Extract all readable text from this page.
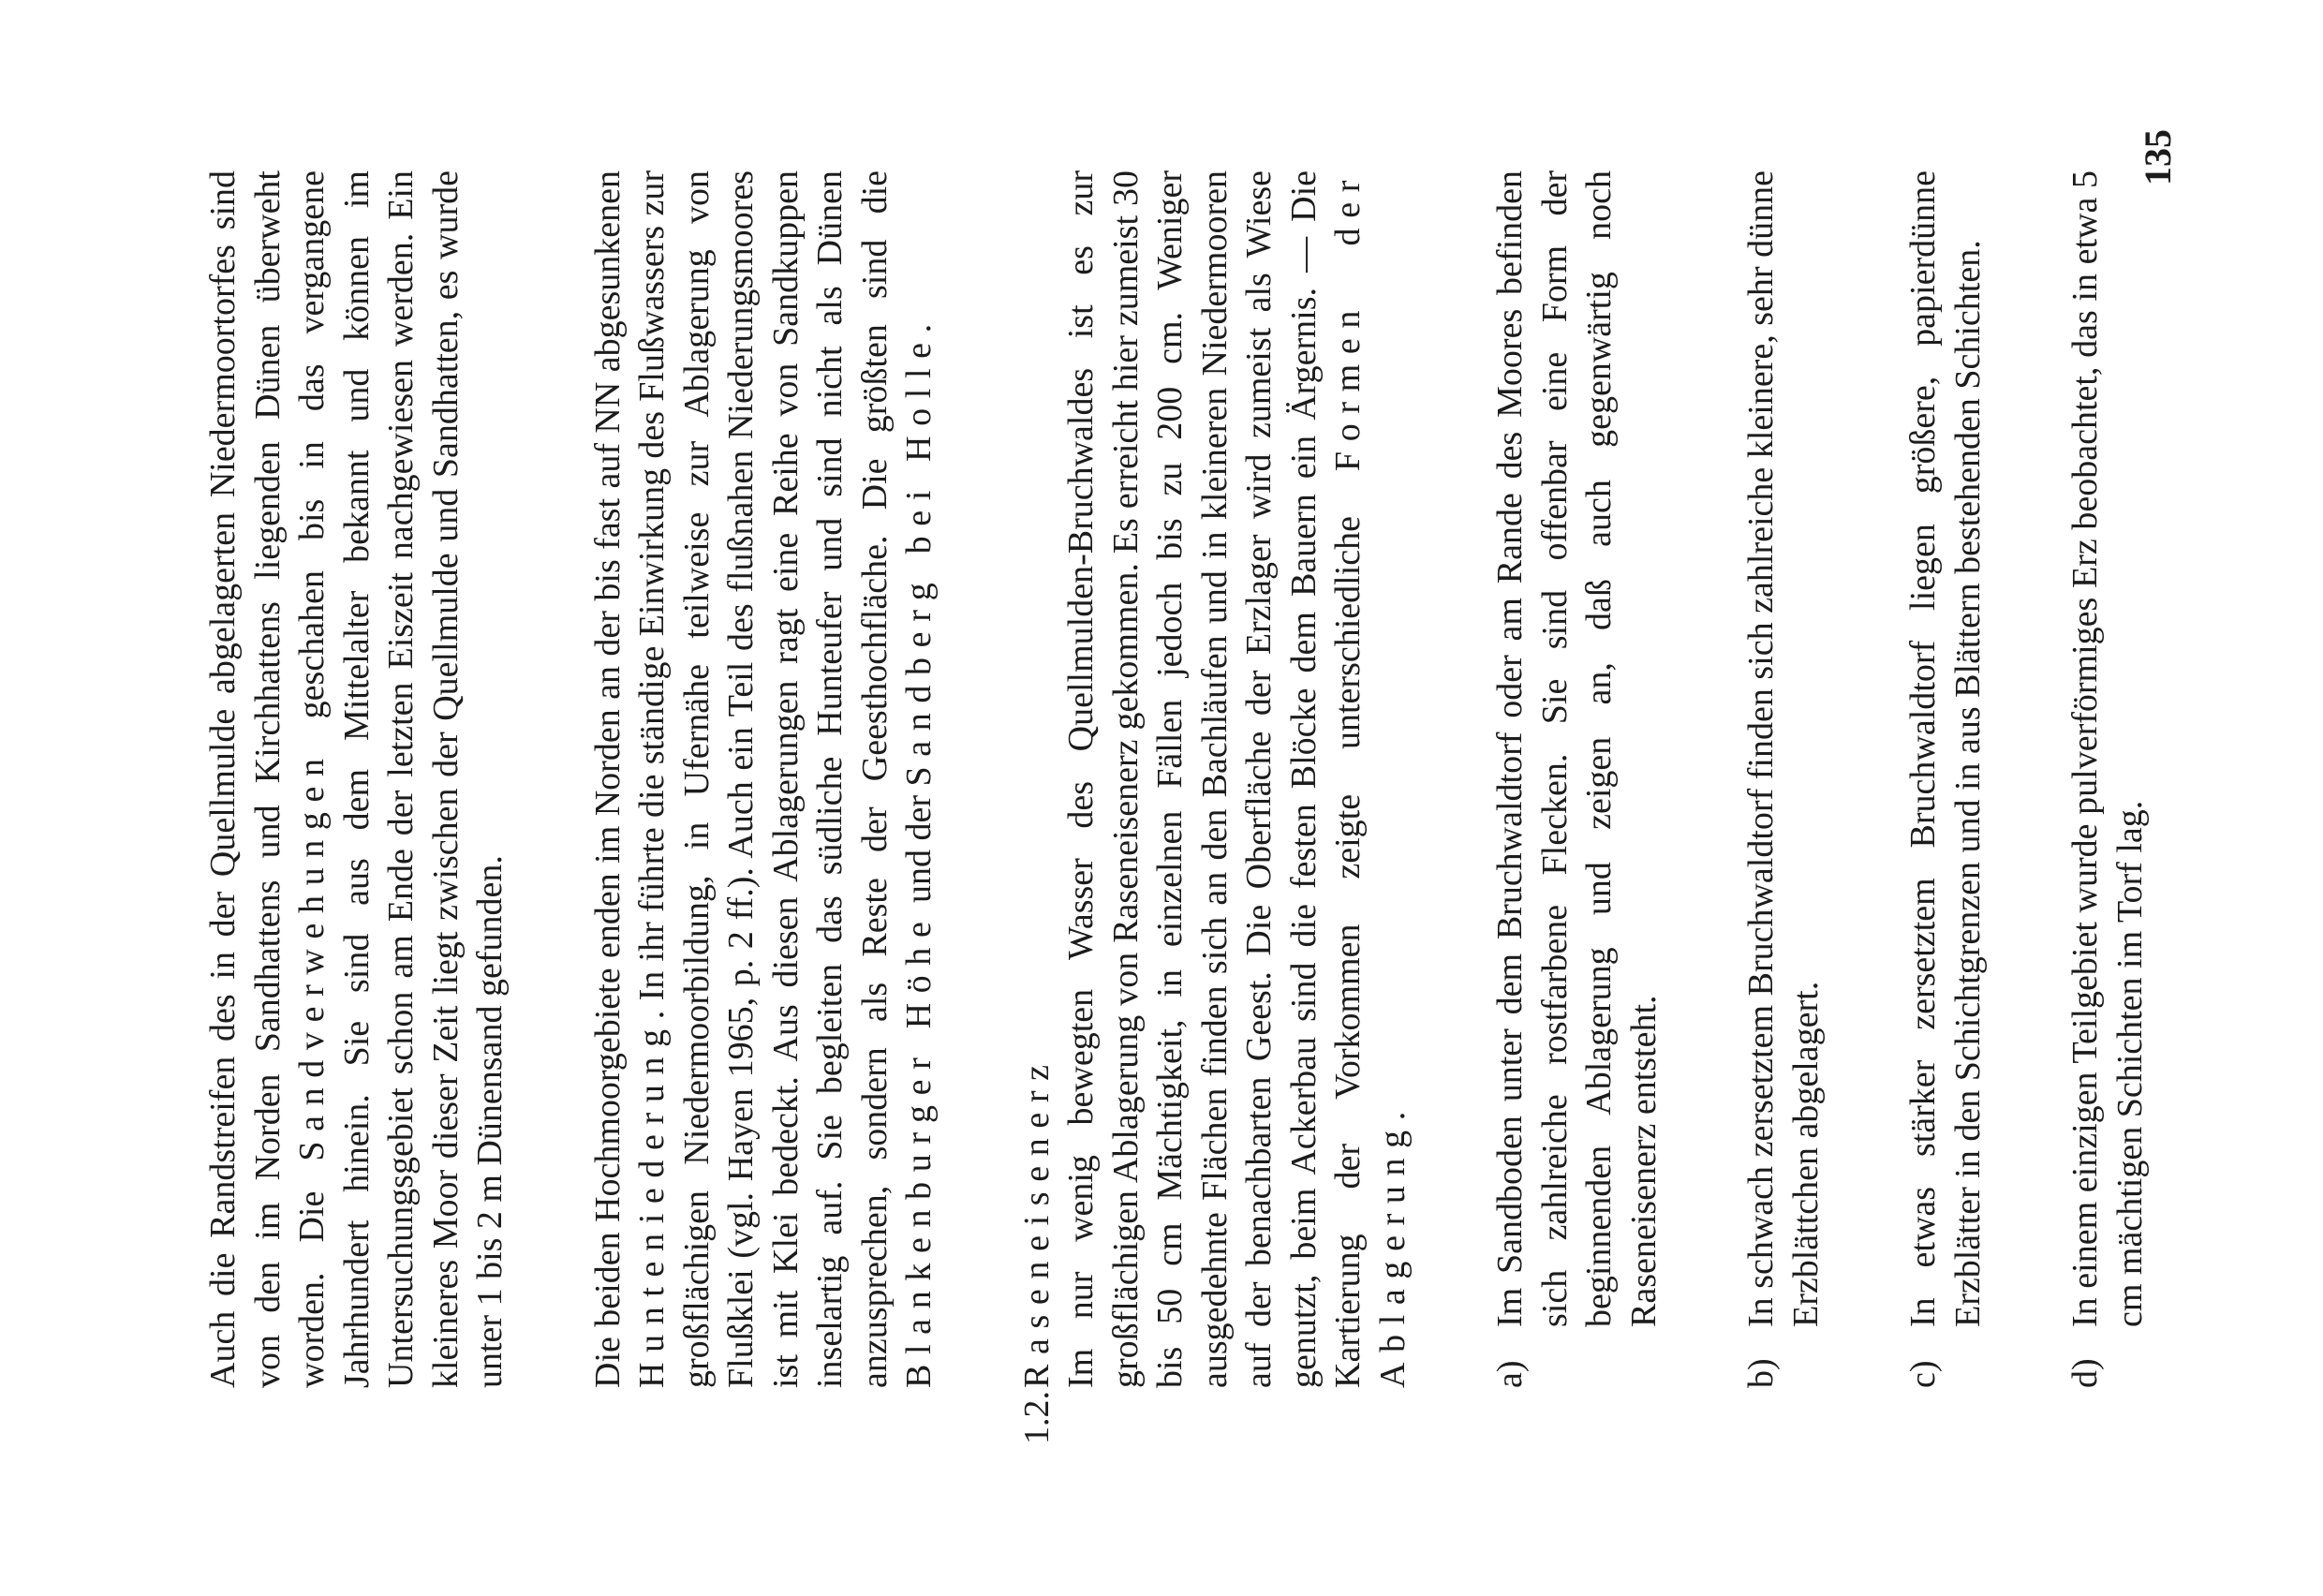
Auch die Randstreifen des in der Quellmulde abgelagerten Niedermoortorfes sind von den im Norden Sandhattens und Kirchhattens liegenden Dünen überweht worden. Die Sandverwehungen geschahen bis in das vergangene Jahrhundert hinein. Sie sind aus dem Mittelalter bekannt und können im Untersuchungsgebiet schon am Ende der letzten Eiszeit nachgewiesen werden. Ein kleineres Moor dieser Zeit liegt zwischen der Quellmulde und Sandhatten, es wurde unter 1 bis 2 m Dünensand gefunden. Die beiden Hochmoorgebiete enden im Norden an der bis fast auf NN abgesunkenen Hunteniederung. In ihr führte die ständige Einwirkung des Flußwassers zur großflächigen Niedermoorbildung, in Ufernähe teilweise zur Ablagerung von Flußklei (vgl. Hayen 1965, p. 2 ff.). Auch ein Teil des flußnahen Niederungsmoores ist mit Klei bedeckt. Aus diesen Ablagerungen ragt eine Reihe von Sandkuppen inselartig auf. Sie begleiten das südliche Hunteufer und sind nicht als Dünen anzusprechen, sondern als Reste der Geesthochfläche. Die größten sind die Blankenburger Höhe und der Sandberg bei Holle.

1.2.Raseneisenerz Im nur wenig bewegten Wasser des Quellmulden-Bruchwaldes ist es zur großflächigen Ablagerung von Raseneisenerz gekommen. Es erreicht hier zumeist 30 bis 50 cm Mächtigkeit, in einzelnen Fällen jedoch bis zu 200 cm. Weniger ausgedehnte Flächen finden sich an den Bachläufen und in kleineren Niedermooren auf der benachbarten Geest. Die Oberfläche der Erzlager wird zumeist als Wiese genutzt, beim Ackerbau sind die festen Blöcke dem Bauern ein Ärgernis. — Die Kartierung der Vorkommen zeigte unterschiedliche Formen der Ablagerung.

a)
Im Sandboden unter dem Bruchwaldtorf oder am Rande des Moores befinden sich zahlreiche rostfarbene Flecken. Sie sind offenbar eine Form der beginnenden Ablagerung und zeigen an, daß auch gegenwärtig noch Raseneisenerz entsteht.

b)
In schwach zersetztem Bruchwaldtorf finden sich zahlreiche kleinere, sehr dünne Erzblättchen abgelagert.

c)
In etwas stärker zersetztem Bruchwaldtorf liegen größere, papierdünne Erzblätter in den Schichtgrenzen und in aus Blättern bestehenden Schichten.

d)
In einem einzigen Teilgebiet wurde pulverförmiges Erz beobachtet, das in etwa 5 cm mächtigen Schichten im Torf lag.

135
